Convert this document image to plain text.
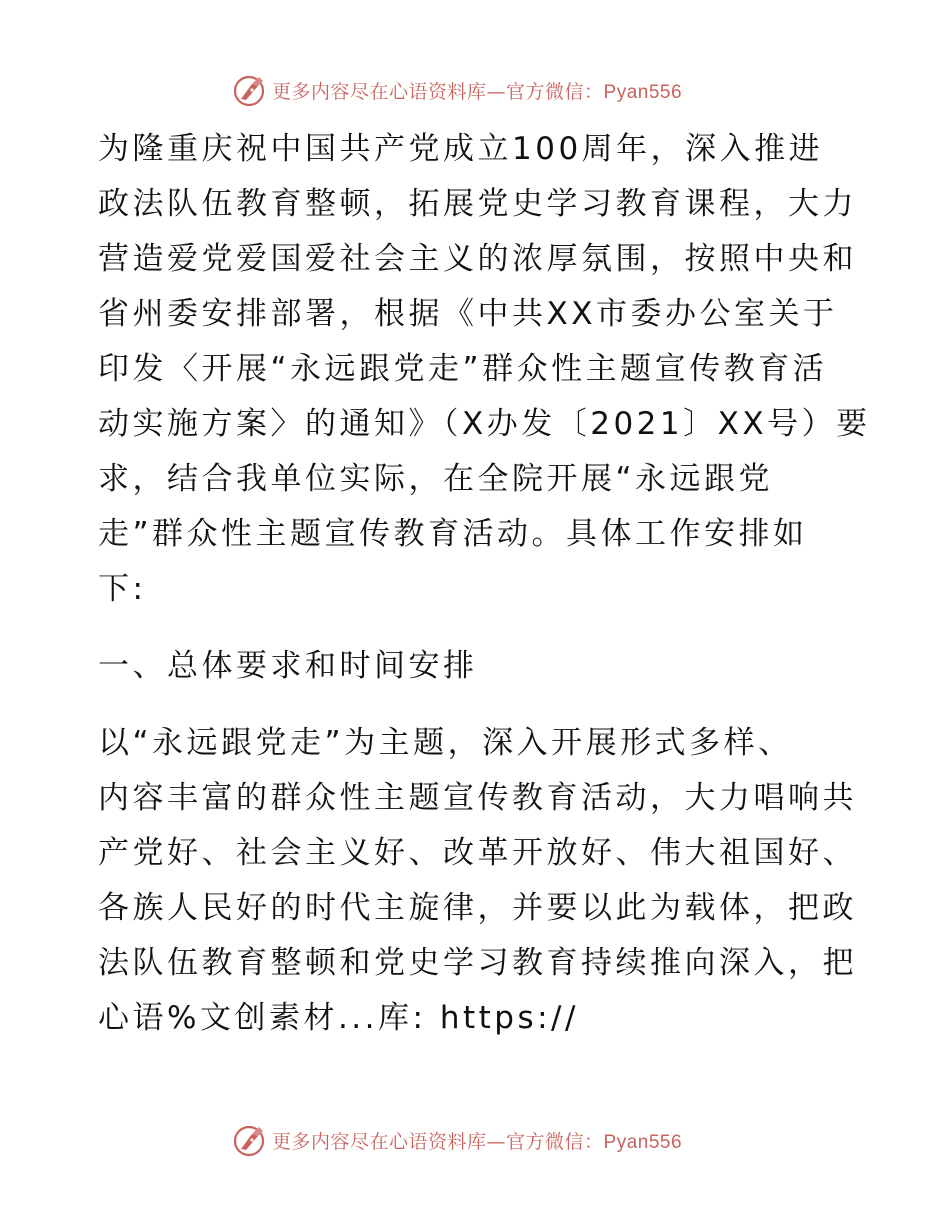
更多内容尽在心语资料库—官方微信：Pyan556
为隆重庆祝中国共产党成立100周年，深入推进
政法队伍教育整顿，拓展党史学习教育课程，大力
营造爱党爱国爱社会主义的浓厚氛围，按照中央和
省州委安排部署，根据《中共XX市委办公室关于
印发〈开展“永远跟党走”群众性主题宣传教育活
动实施方案〉的通知》（X办发〔2021〕XX号）要
求，结合我单位实际，在全院开展“永远跟党
走”群众性主题宣传教育活动。具体工作安排如
下:
一、总体要求和时间安排
以“永远跟党走”为主题，深入开展形式多样、
内容丰富的群众性主题宣传教育活动，大力唱响共
产党好、社会主义好、改革开放好、伟大祖国好、
各族人民好的时代主旋律，并要以此为载体，把政
法队伍教育整顿和党史学习教育持续推向深入，把
心语%文创素材...库: https://
更多内容尽在心语资料库—官方微信：Pyan556
